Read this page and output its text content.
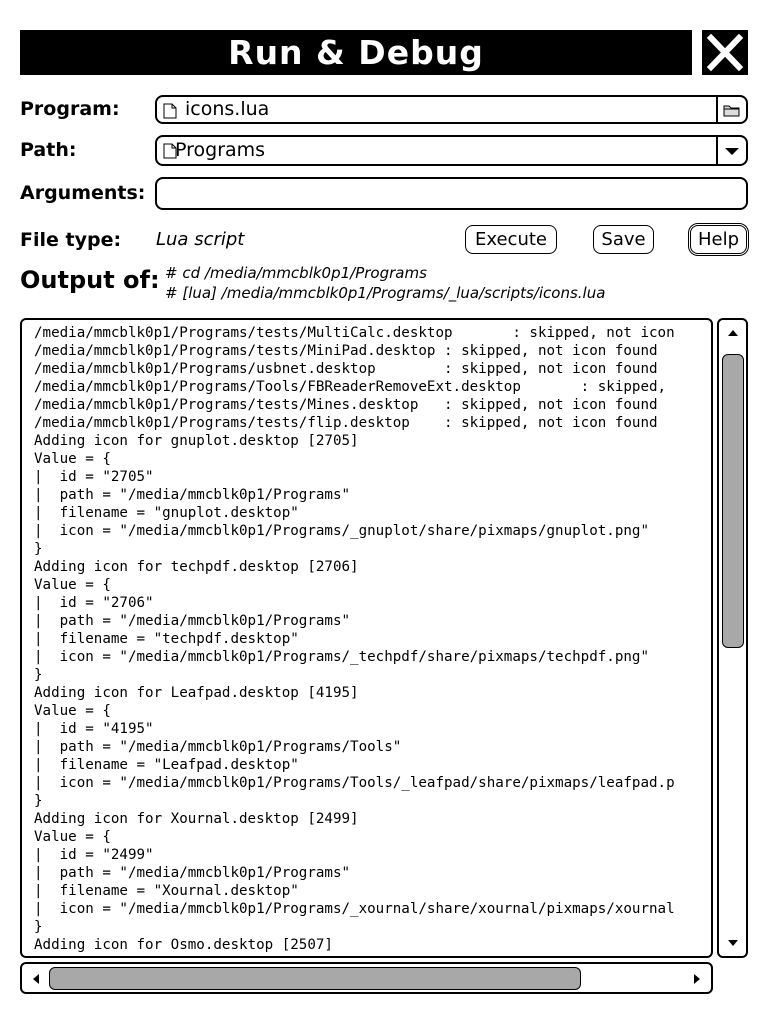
Run & Debug
Program:	icons.lua
Path:	Programs
Arguments:
File type: Lua script	Execute	Save	Help
Output of: # cd /media/mmcblk0p1/Programs
# [lua] /media/mmcblk0p1/Programs/_lua/scripts/icons.lua
/media/mmcblk0p1/Programs/tests/MultiCalc.desktop       : skipped, not icon
/media/mmcblk0p1/Programs/tests/MiniPad.desktop : skipped, not icon found
/media/mmcblk0p1/Programs/usbnet.desktop        : skipped, not icon found
/media/mmcblk0p1/Programs/Tools/FBReaderRemoveExt.desktop       : skipped,
/media/mmcblk0p1/Programs/tests/Mines.desktop   : skipped, not icon found
/media/mmcblk0p1/Programs/tests/flip.desktop    : skipped, not icon found
Adding icon for gnuplot.desktop [2705]
Value = {
|  id = "2705"
|  path = "/media/mmcblk0p1/Programs"
|  filename = "gnuplot.desktop"
|  icon = "/media/mmcblk0p1/Programs/_gnuplot/share/pixmaps/gnuplot.png"
}
Adding icon for techpdf.desktop [2706]
Value = {
|  id = "2706"
|  path = "/media/mmcblk0p1/Programs"
|  filename = "techpdf.desktop"
|  icon = "/media/mmcblk0p1/Programs/_techpdf/share/pixmaps/techpdf.png"
}
Adding icon for Leafpad.desktop [4195]
Value = {
|  id = "4195"
|  path = "/media/mmcblk0p1/Programs/Tools"
|  filename = "Leafpad.desktop"
|  icon = "/media/mmcblk0p1/Programs/Tools/_leafpad/share/pixmaps/leafpad.p
}
Adding icon for Xournal.desktop [2499]
Value = {
|  id = "2499"
|  path = "/media/mmcblk0p1/Programs"
|  filename = "Xournal.desktop"
|  icon = "/media/mmcblk0p1/Programs/_xournal/share/xournal/pixmaps/xournal
}
Adding icon for Osmo.desktop [2507]
